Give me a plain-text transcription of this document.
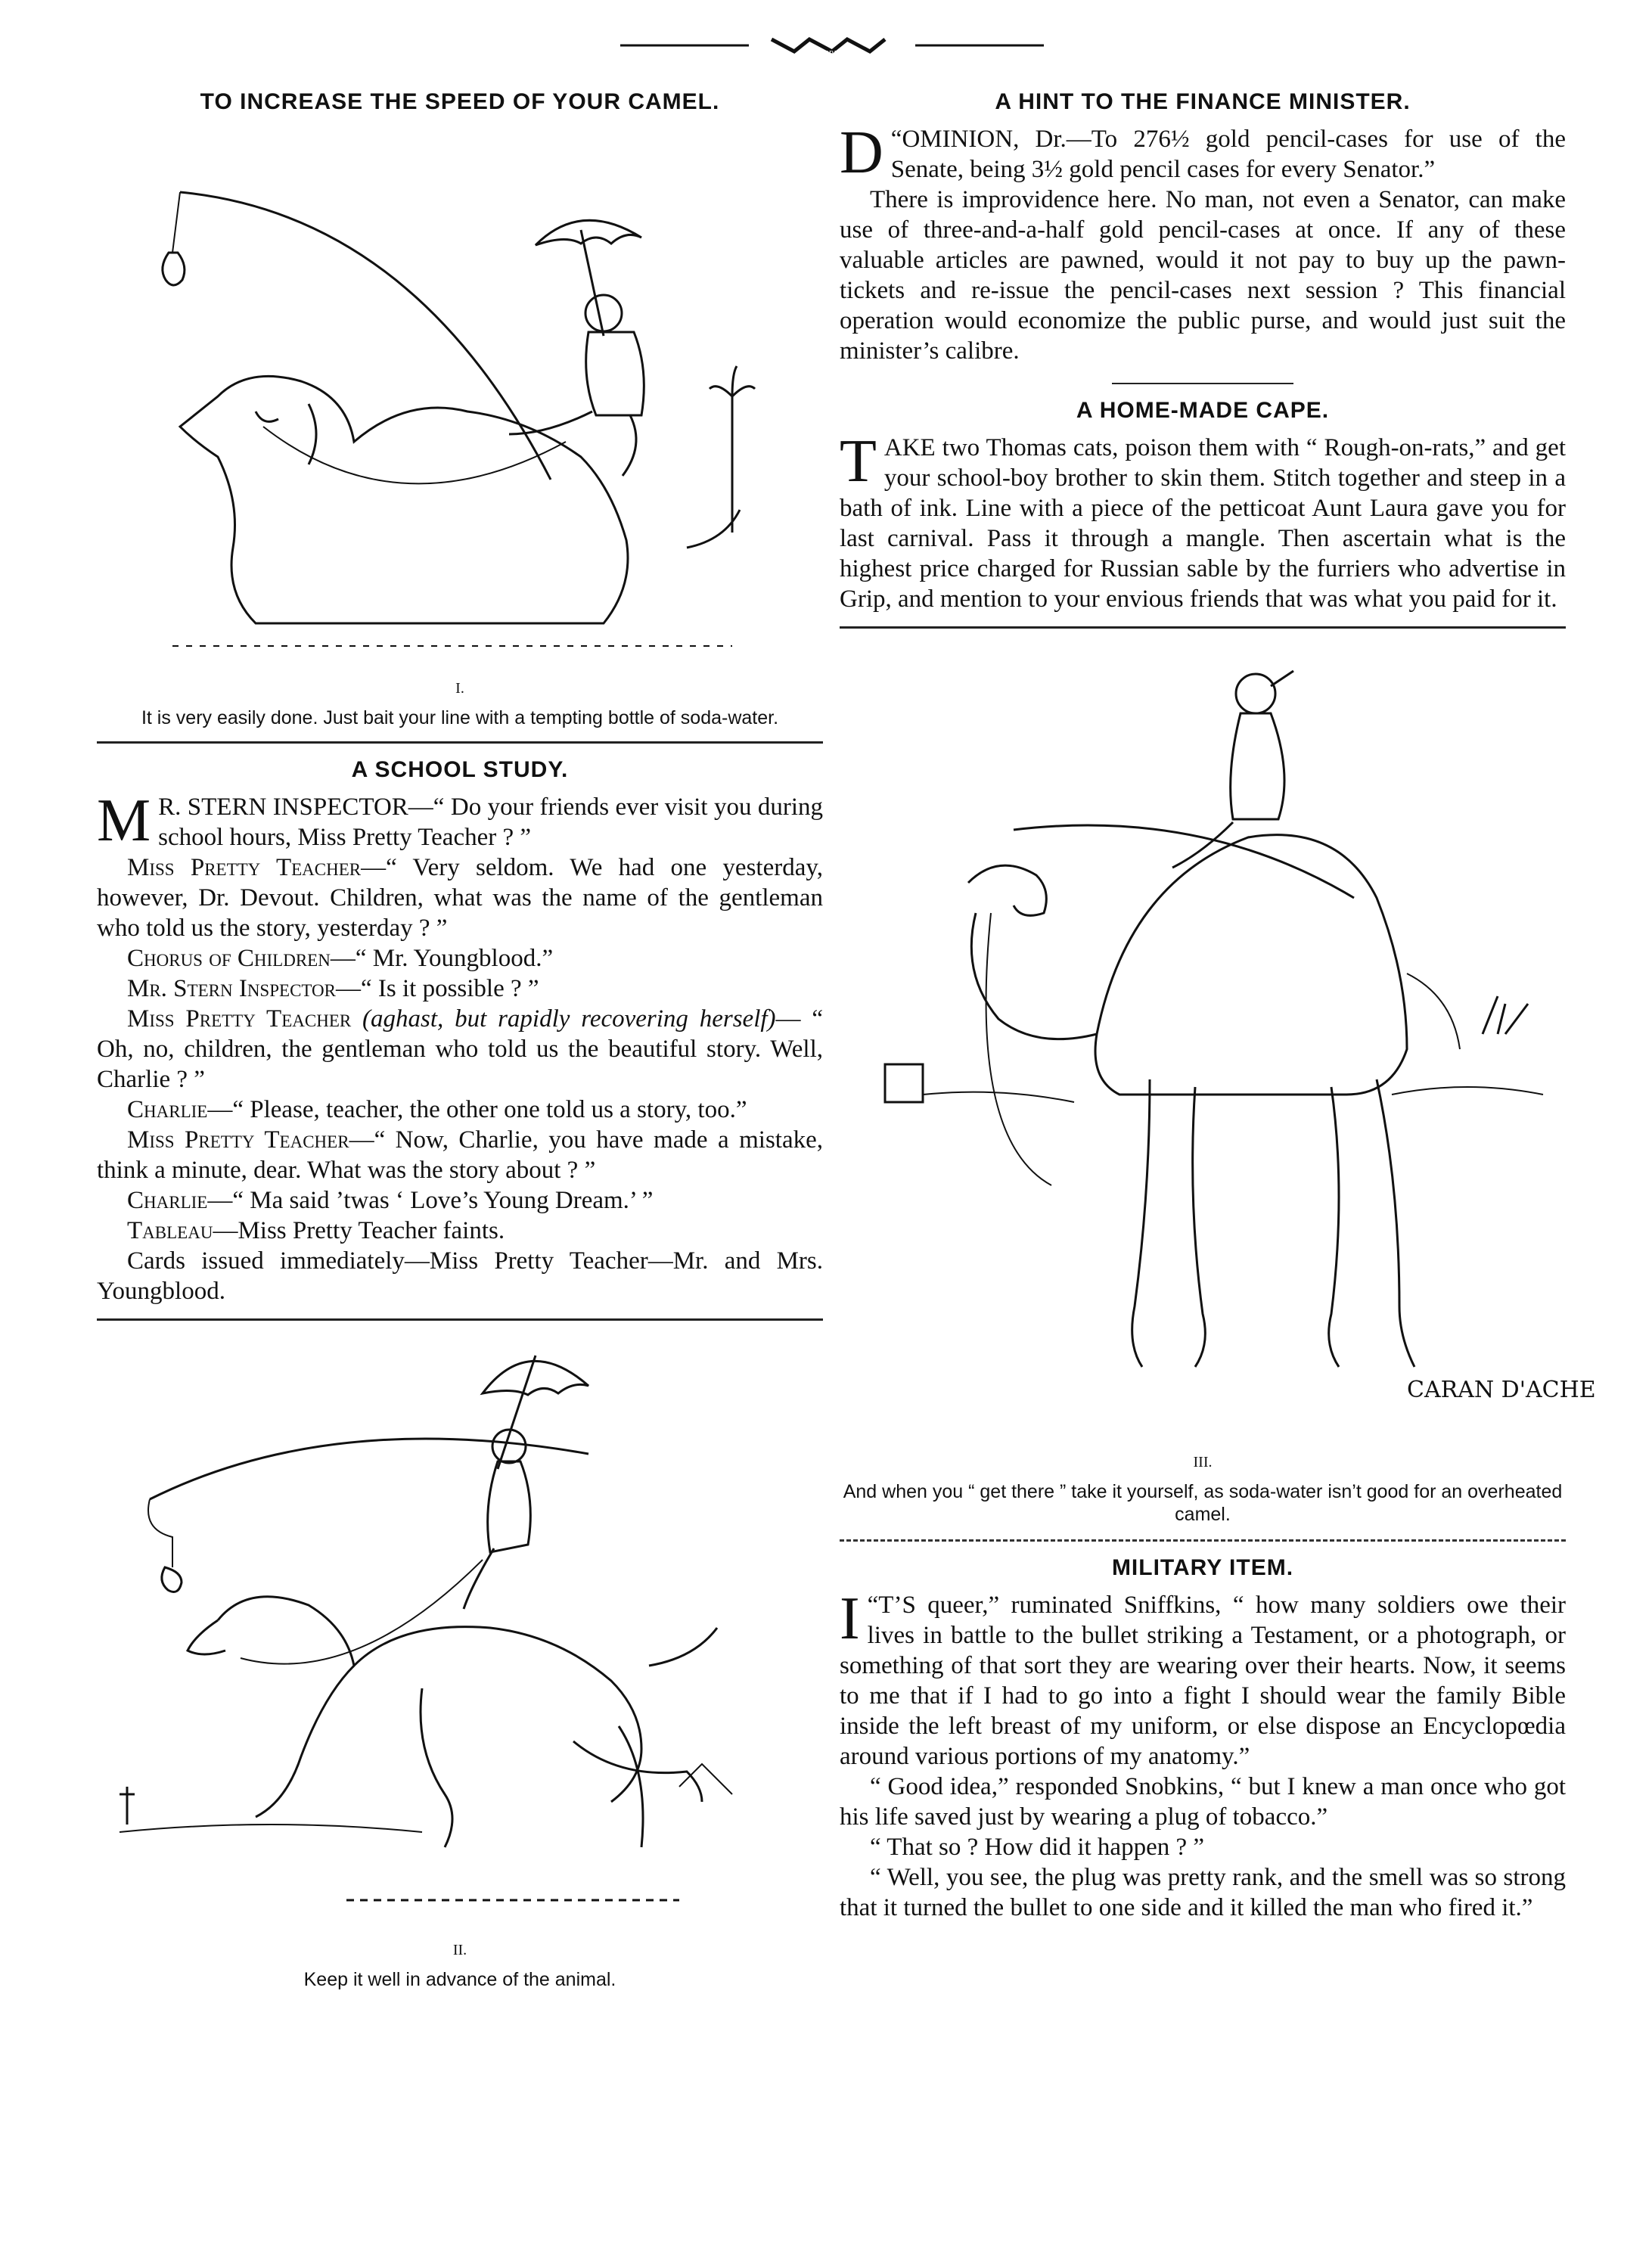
GRIP
TO INCREASE THE SPEED OF YOUR CAMEL.

I.

It is very easily done. Just bait your line with a tempting bottle of soda-water.

A SCHOOL STUDY.

M R. STERN INSPECTOR—“ Do your friends ever visit you during school hours, Miss Pretty Teacher ? ”

Miss Pretty Teacher—“ Very seldom. We had one yesterday, however, Dr. Devout. Children, what was the name of the gentleman who told us the story, yesterday ? ”

Chorus of Children—“ Mr. Youngblood.”

Mr. Stern Inspector—“ Is it possible ? ”

Miss Pretty Teacher (aghast, but rapidly recovering herself)— “ Oh, no, children, the gentleman who told us the beautiful story. Well, Charlie ? ”

Charlie—“ Please, teacher, the other one told us a story, too.”

Miss Pretty Teacher—“ Now, Charlie, you have made a mistake, think a minute, dear. What was the story about ? ”

Charlie—“ Ma said ’twas ‘ Love’s Young Dream.’ ”

Tableau—Miss Pretty Teacher faints.

Cards issued immediately—Miss Pretty Teacher—Mr. and Mrs. Youngblood.

II.

Keep it well in advance of the animal.

A HINT TO THE FINANCE MINISTER.

“
D OMINION, Dr.—To 276½ gold pencil-cases for use of the Senate, being 3½ gold pencil cases for every Senator.”

There is improvidence here. No man, not even a Senator, can make use of three-and-a-half gold pencil-cases at once. If any of these valuable articles are pawned, would it not pay to buy up the pawn-tickets and re-issue the pencil-cases next session ? This financial operation would economize the public purse, and would just suit the minister’s calibre.

A HOME-MADE CAPE.

TAKE two Thomas cats, poison them with “ Rough-on-rats,” and get your school-boy brother to skin them. Stitch together and steep in a bath of ink. Line with a piece of the petticoat Aunt Laura gave you for last carnival. Pass it through a mangle. Then ascertain what is the highest price charged for Russian sable by the furriers who advertise in Grip, and mention to your envious friends that was what you paid for it.

CARAN D'ACHE

III.

And when you “ get there ” take it yourself, as soda-water isn’t good for an overheated camel.

MILITARY ITEM.

“
I T’S queer,” ruminated Sniffkins, “ how many soldiers owe their lives in battle to the bullet striking a Testament, or a photograph, or something of that sort they are wearing over their hearts. Now, it seems to me that if I had to go into a fight I should wear the family Bible inside the left breast of my uniform, or else dispose an Encyclopœdia around various portions of my anatomy.”

“ Good idea,” responded Snobkins, “ but I knew a man once who got his life saved just by wearing a plug of tobacco.”

“ That so ? How did it happen ? ”

“ Well, you see, the plug was pretty rank, and the smell was so strong that it turned the bullet to one side and it killed the man who fired it.”
